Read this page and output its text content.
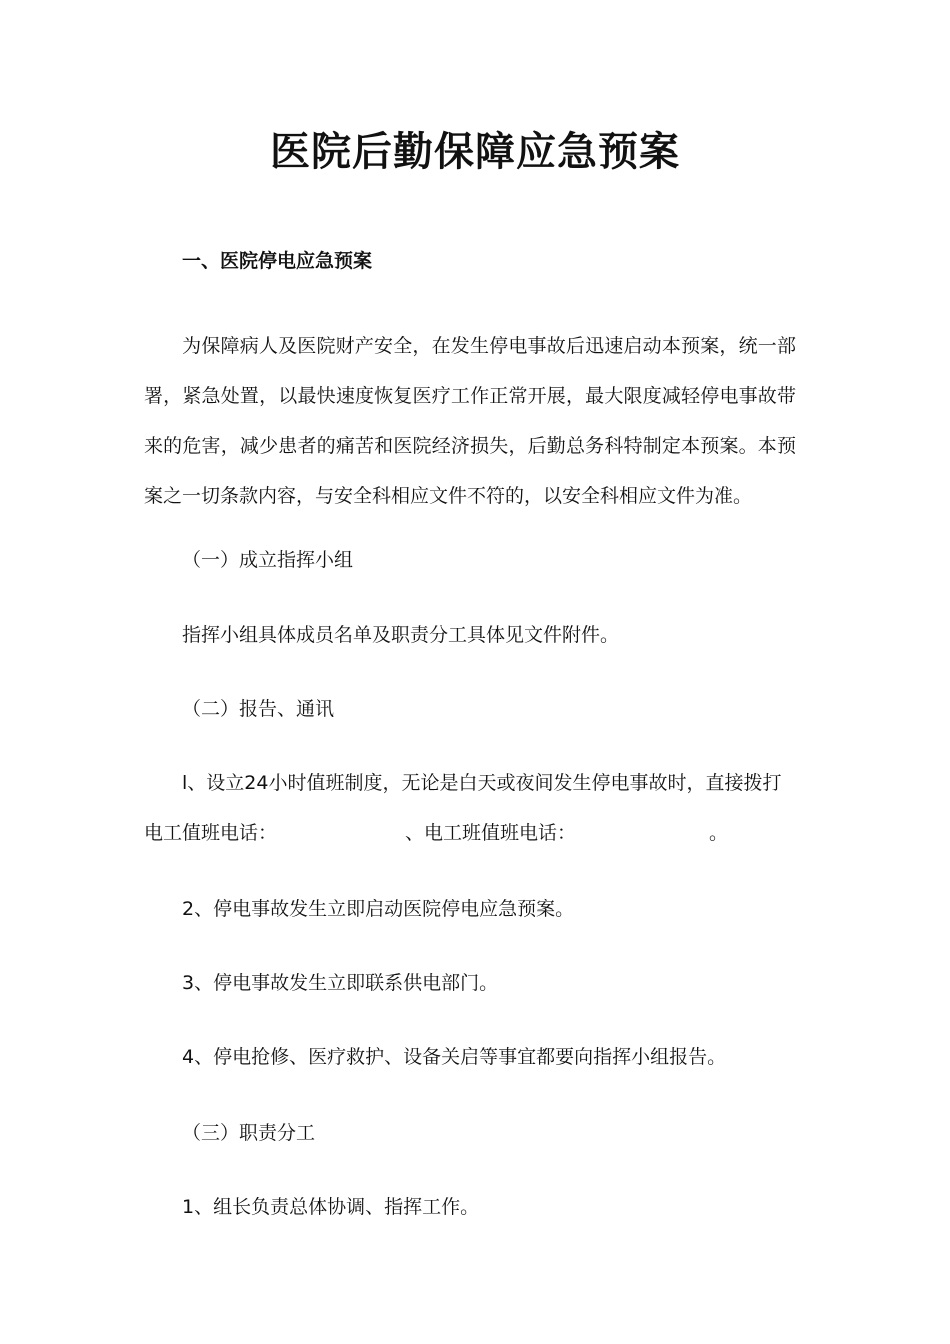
医院后勤保障应急预案

一、医院停电应急预案

为保障病人及医院财产安全，在发生停电事故后迅速启动本预案，统一部署，紧急处置，以最快速度恢复医疗工作正常开展，最大限度减轻停电事故带来的危害，减少患者的痛苦和医院经济损失，后勤总务科特制定本预案。本预案之一切条款内容，与安全科相应文件不符的，以安全科相应文件为准。

（一）成立指挥小组

指挥小组具体成员名单及职责分工具体见文件附件。

（二）报告、通讯

l、设立24小时值班制度，无论是白天或夜间发生停电事故时，直接拨打

电工值班电话：	、电工班值班电话：	。

2、停电事故发生立即启动医院停电应急预案。

3、停电事故发生立即联系供电部门。

4、停电抢修、医疗救护、设备关启等事宜都要向指挥小组报告。

（三）职责分工

1、组长负责总体协调、指挥工作。
